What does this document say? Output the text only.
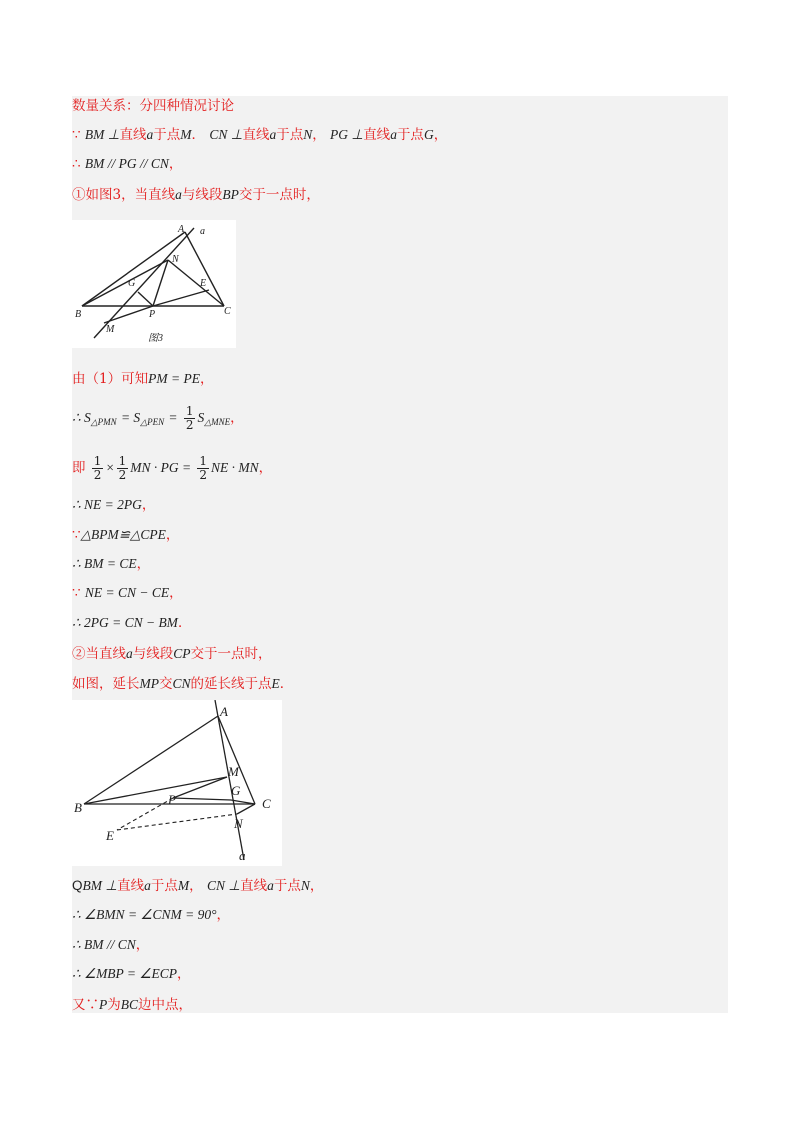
数量关系：分四种情况讨论
∵ BM ⊥直线a于点M． CN ⊥直线a于点N， PG ⊥直线a于点G，
∴ BM // PG // CN，
①如图3，当直线a与线段BP交于一点时，
A a
N
G	E
B	P	C
M
图3
由（1）可知PM = PE，
∴ $S_{\triangle PMN} = S_{\triangle PEN} = \frac{1}{2} S_{\triangle MNE}$，
即 $\frac{1}{2} \times \frac{1}{2}$ MN · PG = $\frac{1}{2}$ NE · MN，
∴ NE = 2PG，
∵△BPM≌△CPE，
∴ BM = CE，
∵ NE = CN − CE，
∴ 2PG = CN − BM．
②当直线a与线段CP交于一点时，
如图，延长MP交CN的延长线于点E．
A
M
P
G
C
B
N
E
a
QBM ⊥直线a于点M， CN ⊥直线a于点N，
∴ ∠BMN = ∠CNM = 90°，
∴ BM // CN，
∴ ∠MBP = ∠ECP，
又∵P为BC边中点，
